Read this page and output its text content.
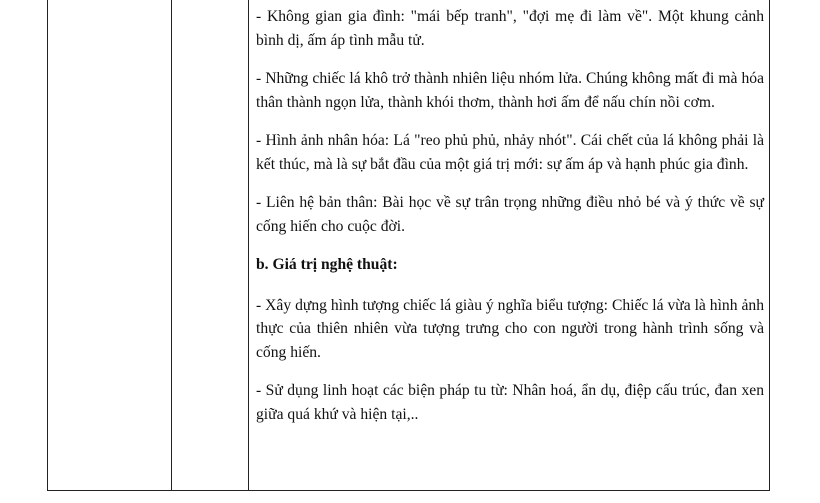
- Không gian gia đình: "mái bếp tranh", "đợi mẹ đi làm về". Một khung cảnh bình dị, ấm áp tình mẫu tử.

- Những chiếc lá khô trở thành nhiên liệu nhóm lửa. Chúng không mất đi mà hóa thân thành ngọn lửa, thành khói thơm, thành hơi ấm để nấu chín nồi cơm.

- Hình ảnh nhân hóa: Lá "reo phủ phủ, nhảy nhót". Cái chết của lá không phải là kết thúc, mà là sự bắt đầu của một giá trị mới: sự ấm áp và hạnh phúc gia đình.

- Liên hệ bản thân: Bài học về sự trân trọng những điều nhỏ bé và ý thức về sự cống hiến cho cuộc đời.

b. Giá trị nghệ thuật:

- Xây dựng hình tượng chiếc lá giàu ý nghĩa biểu tượng: Chiếc lá vừa là hình ảnh thực của thiên nhiên vừa tượng trưng cho con người trong hành trình sống và cống hiến.

- Sử dụng linh hoạt các biện pháp tu từ: Nhân hoá, ẩn dụ, điệp cấu trúc, đan xen giữa quá khứ và hiện tại,..
